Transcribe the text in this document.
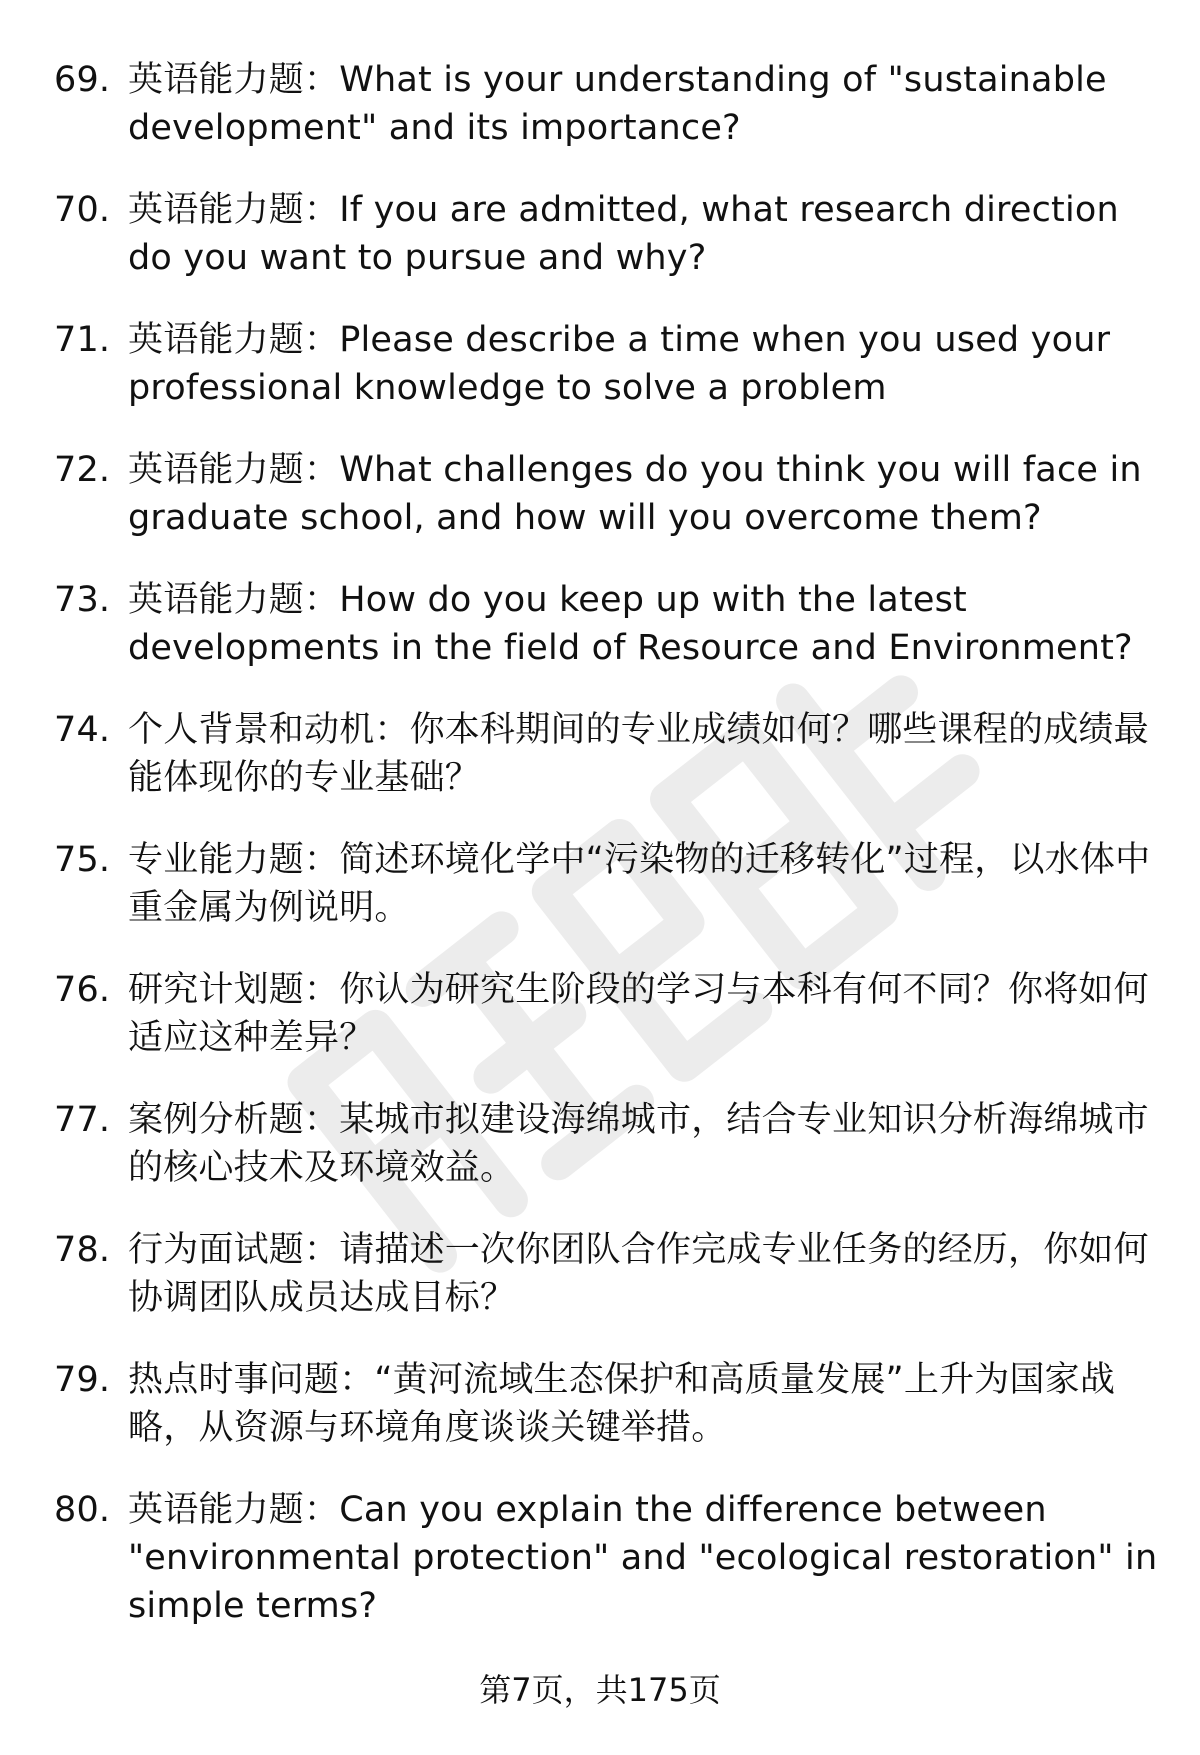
69. 英语能力题：What is your understanding of "sustainable development" and its importance?
70. 英语能力题：If you are admitted, what research direction do you want to pursue and why?
71. 英语能力题：Please describe a time when you used your professional knowledge to solve a problem
72. 英语能力题：What challenges do you think you will face in graduate school, and how will you overcome them?
73. 英语能力题：How do you keep up with the latest developments in the field of Resource and Environment?
74. 个人背景和动机：你本科期间的专业成绩如何？哪些课程的成绩最能体现你的专业基础？
75. 专业能力题：简述环境化学中“污染物的迁移转化”过程，以水体中重金属为例说明。
76. 研究计划题：你认为研究生阶段的学习与本科有何不同？你将如何适应这种差异？
77. 案例分析题：某城市拟建设海绵城市，结合专业知识分析海绵城市的核心技术及环境效益。
78. 行为面试题：请描述一次你团队合作完成专业任务的经历，你如何协调团队成员达成目标？
79. 热点时事问题：“黄河流域生态保护和高质量发展”上升为国家战略，从资源与环境角度谈谈关键举措。
80. 英语能力题：Can you explain the difference between "environmental protection" and "ecological restoration" in simple terms?
第7页，共175页
